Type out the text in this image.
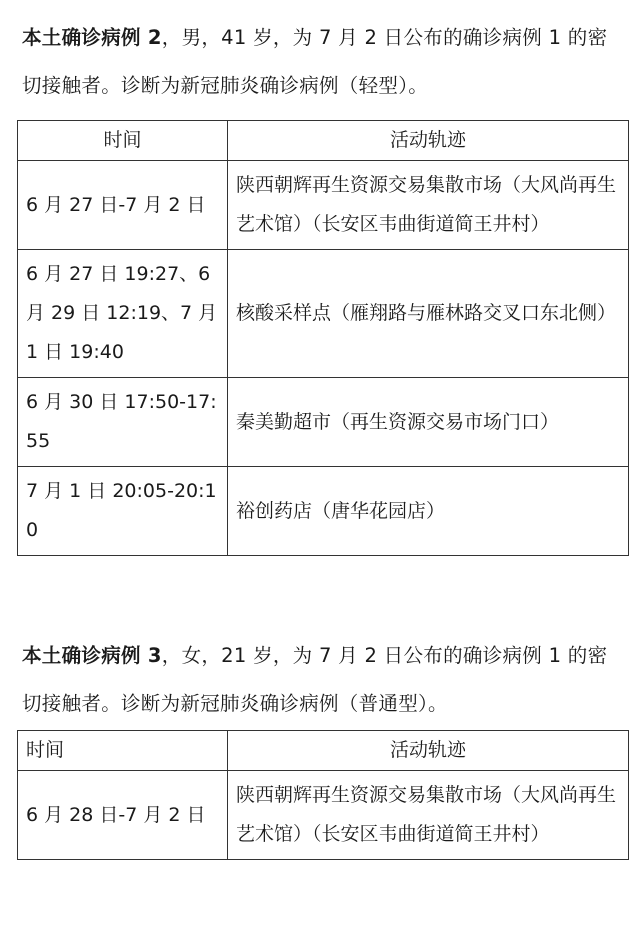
本土确诊病例 2，男，41 岁，为 7 月 2 日公布的确诊病例 1 的密切接触者。诊断为新冠肺炎确诊病例（轻型）。
时间	活动轨迹
6 月 27 日-7 月 2 日	陕西朝辉再生资源交易集散市场（大风尚再生艺术馆）（长安区韦曲街道简王井村）
6 月 27 日 19:27、6 月 29 日 12:19、7 月 1 日 19:40	核酸采样点（雁翔路与雁林路交叉口东北侧）
6 月 30 日 17:50-17:55	秦美勤超市（再生资源交易市场门口）
7 月 1 日 20:05-20:10	裕创药店（唐华花园店）
本土确诊病例 3，女，21 岁，为 7 月 2 日公布的确诊病例 1 的密切接触者。诊断为新冠肺炎确诊病例（普通型）。
时间	活动轨迹
6 月 28 日-7 月 2 日	陕西朝辉再生资源交易集散市场（大风尚再生艺术馆）（长安区韦曲街道简王井村）
